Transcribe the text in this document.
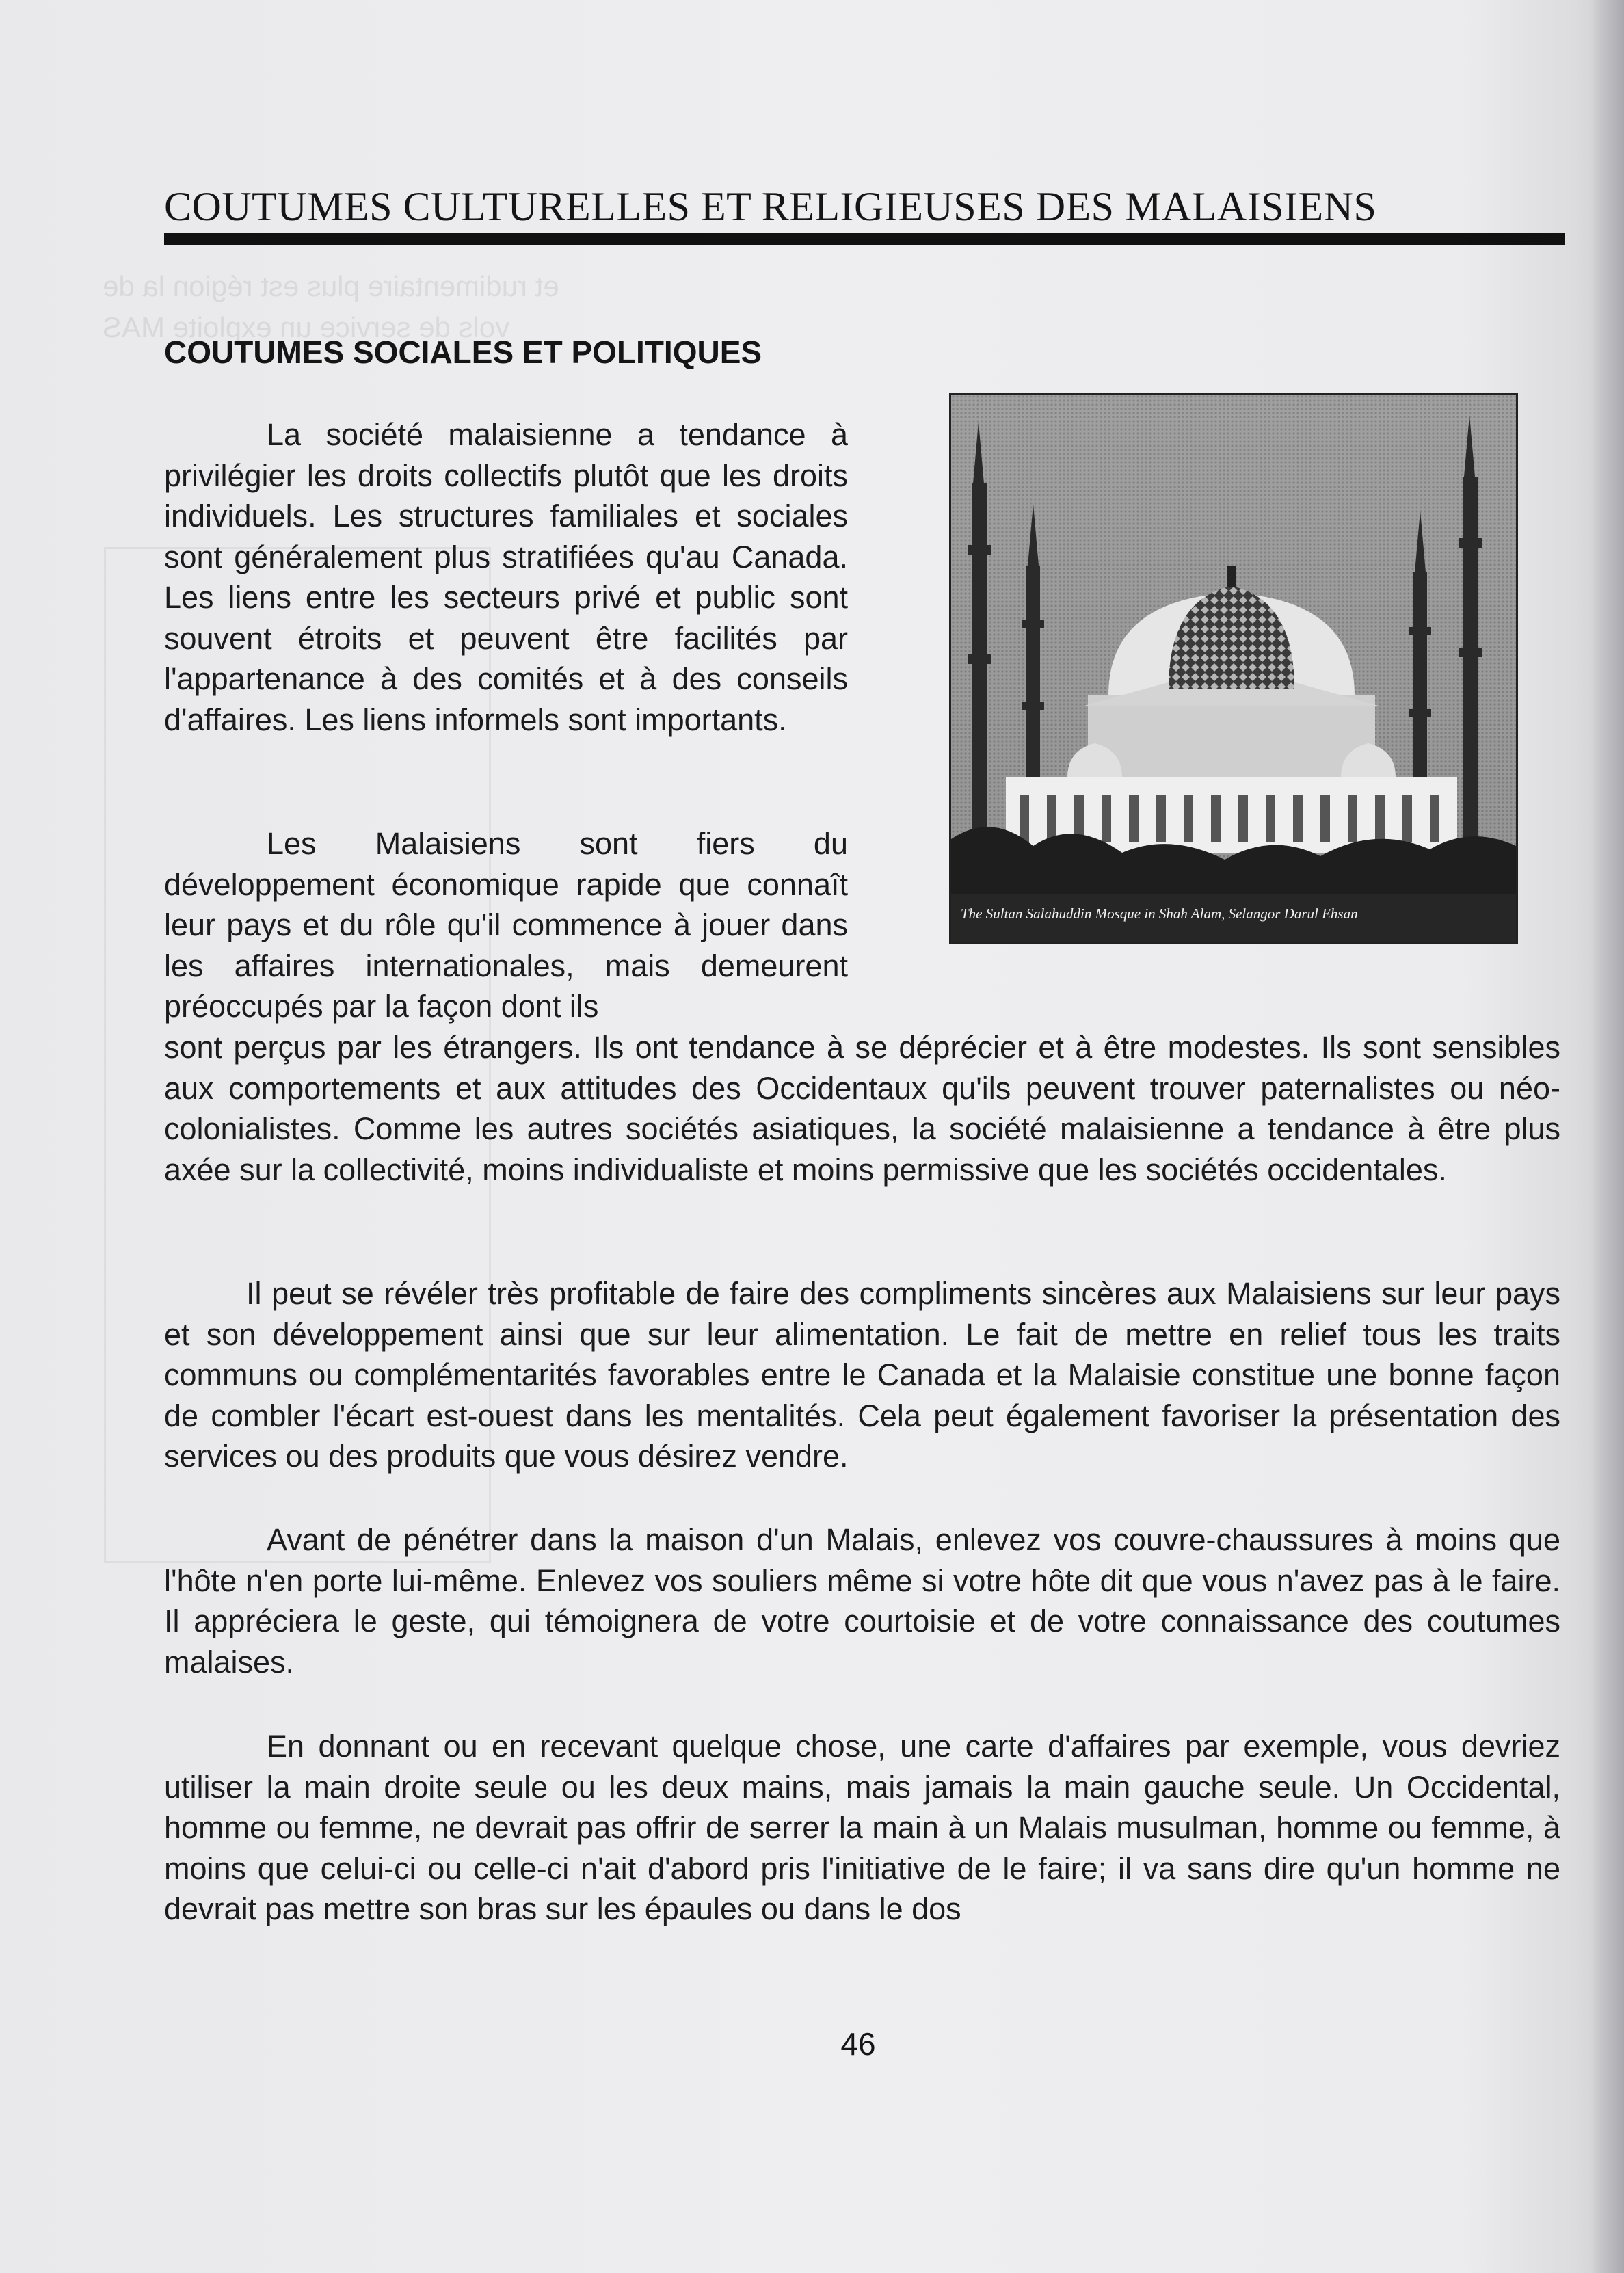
et rudimentaire plus est région la de
vols de service un exploite MAS
COUTUMES CULTURELLES ET RELIGIEUSES DES MALAISIENS
COUTUMES SOCIALES ET POLITIQUES

La société malaisienne a tendance à privilégier les droits collectifs plutôt que les droits individuels. Les structures familiales et sociales sont généralement plus stratifiées qu'au Canada. Les liens entre les secteurs privé et public sont souvent étroits et peuvent être facilités par l'appartenance à des comités et à des conseils d'affaires. Les liens informels sont importants.

Les Malaisiens sont fiers du développement économique rapide que connaît leur pays et du rôle qu'il commence à jouer dans les affaires internationales, mais demeurent préoccupés par la façon dont ils

sont perçus par les étrangers. Ils ont tendance à se déprécier et à être modestes. Ils sont sensibles aux comportements et aux attitudes des Occidentaux qu'ils peuvent trouver paternalistes ou néo-colonialistes. Comme les autres sociétés asiatiques, la société malaisienne a tendance à être plus axée sur la collectivité, moins individualiste et moins permissive que les sociétés occidentales.

Il peut se révéler très profitable de faire des compliments sincères aux Malaisiens sur leur pays et son développement ainsi que sur leur alimentation. Le fait de mettre en relief tous les traits communs ou complémentarités favorables entre le Canada et la Malaisie constitue une bonne façon de combler l'écart est-ouest dans les mentalités. Cela peut également favoriser la présentation des services ou des produits que vous désirez vendre.

Avant de pénétrer dans la maison d'un Malais, enlevez vos couvre-chaussures à moins que l'hôte n'en porte lui-même. Enlevez vos souliers même si votre hôte dit que vous n'avez pas à le faire. Il appréciera le geste, qui témoignera de votre courtoisie et de votre connaissance des coutumes malaises.

En donnant ou en recevant quelque chose, une carte d'affaires par exemple, vous devriez utiliser la main droite seule ou les deux mains, mais jamais la main gauche seule. Un Occidental, homme ou femme, ne devrait pas offrir de serrer la main à un Malais musulman, homme ou femme, à moins que celui-ci ou celle-ci n'ait d'abord pris l'initiative de le faire; il va sans dire qu'un homme ne devrait pas mettre son bras sur les épaules ou dans le dos

The Sultan Salahuddin Mosque in Shah Alam, Selangor Darul Ehsan
46
